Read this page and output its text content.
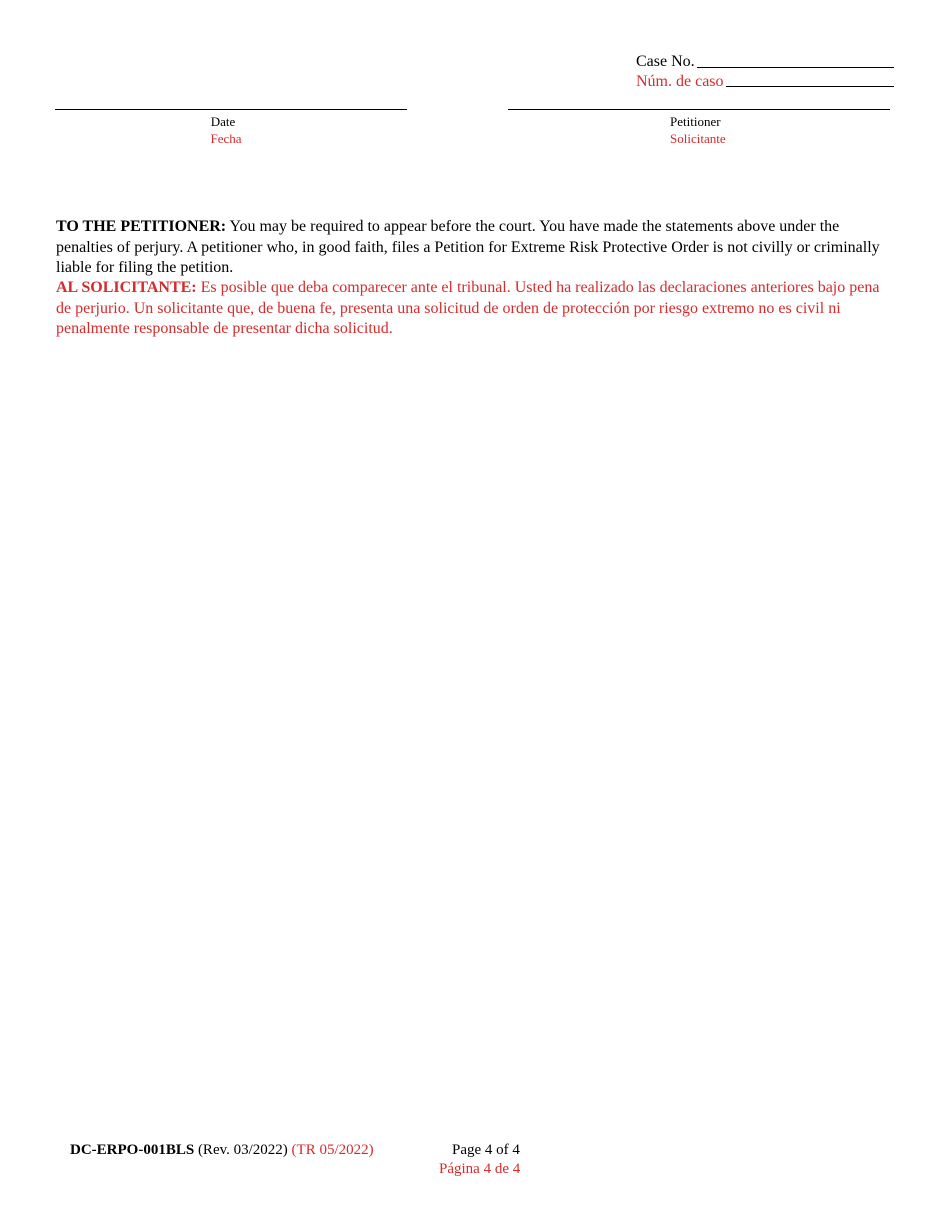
Case No.
Núm. de caso
Date
Fecha
Petitioner
Solicitante
TO THE PETITIONER: You may be required to appear before the court. You have made the statements above under the penalties of perjury. A petitioner who, in good faith, files a Petition for Extreme Risk Protective Order is not civilly or criminally liable for filing the petition.
AL SOLICITANTE: Es posible que deba comparecer ante el tribunal. Usted ha realizado las declaraciones anteriores bajo pena de perjurio. Un solicitante que, de buena fe, presenta una solicitud de orden de protección por riesgo extremo no es civil ni penalmente responsable de presentar dicha solicitud.
DC-ERPO-001BLS (Rev. 03/2022) (TR 05/2022)	Page 4 of 4
Página 4 de 4
